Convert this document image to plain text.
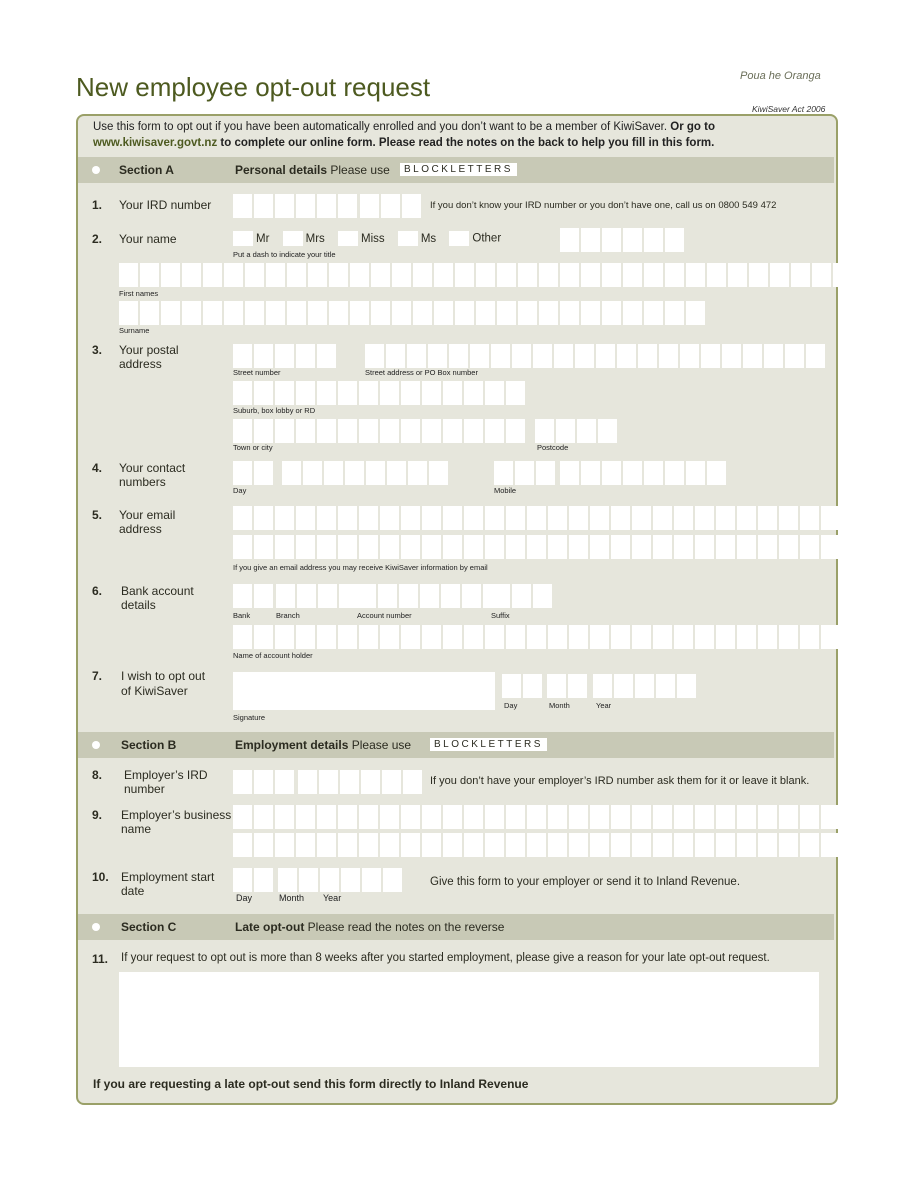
New employee opt-out request	Poua he Oranga
KiwiSaver Act 2006
Use this form to opt out if you have been automatically enrolled and you don’t want to be a member of KiwiSaver. Or go to
www.kiwisaver.govt.nz to complete our online form. Please read the notes on the back to help you fill in this form.
Section A	Personal details Please use	BLOCKLETTERS
1. Your IRD number	If you don’t know your IRD number or you don’t have one, call us on 0800 549 472
2. Your name	Mr	Mrs	Miss	Ms	Other
Put a dash to indicate your title
First names
Surname
3. Your postal
address
Street number	Street address or PO Box number
Suburb, box lobby or RD
Town or city	Postcode
4. Your contact
numbers
Day	Mobile
5. Your email
address
If you give an email address you may receive KiwiSaver information by email
6. Bank account
details
Bank	Branch	Account number	Suffix
Name of account holder
7. I wish to opt out
of KiwiSaver
Signature
Day	Month	Year
Section B	Employment details Please use	BLOCKLETTERS
8. Employer’s IRD
number
If you don’t have your employer’s IRD number ask them for it or leave it blank.
9. Employer’s business
name
10. Employment start
date	Day	Month Year
Give this form to your employer or send it to Inland Revenue.
Section C	Late opt-out Please read the notes on the reverse
11. If your request to opt out is more than 8 weeks after you started employment, please give a reason for your late opt-out request.
If you are requesting a late opt-out send this form directly to Inland Revenue
